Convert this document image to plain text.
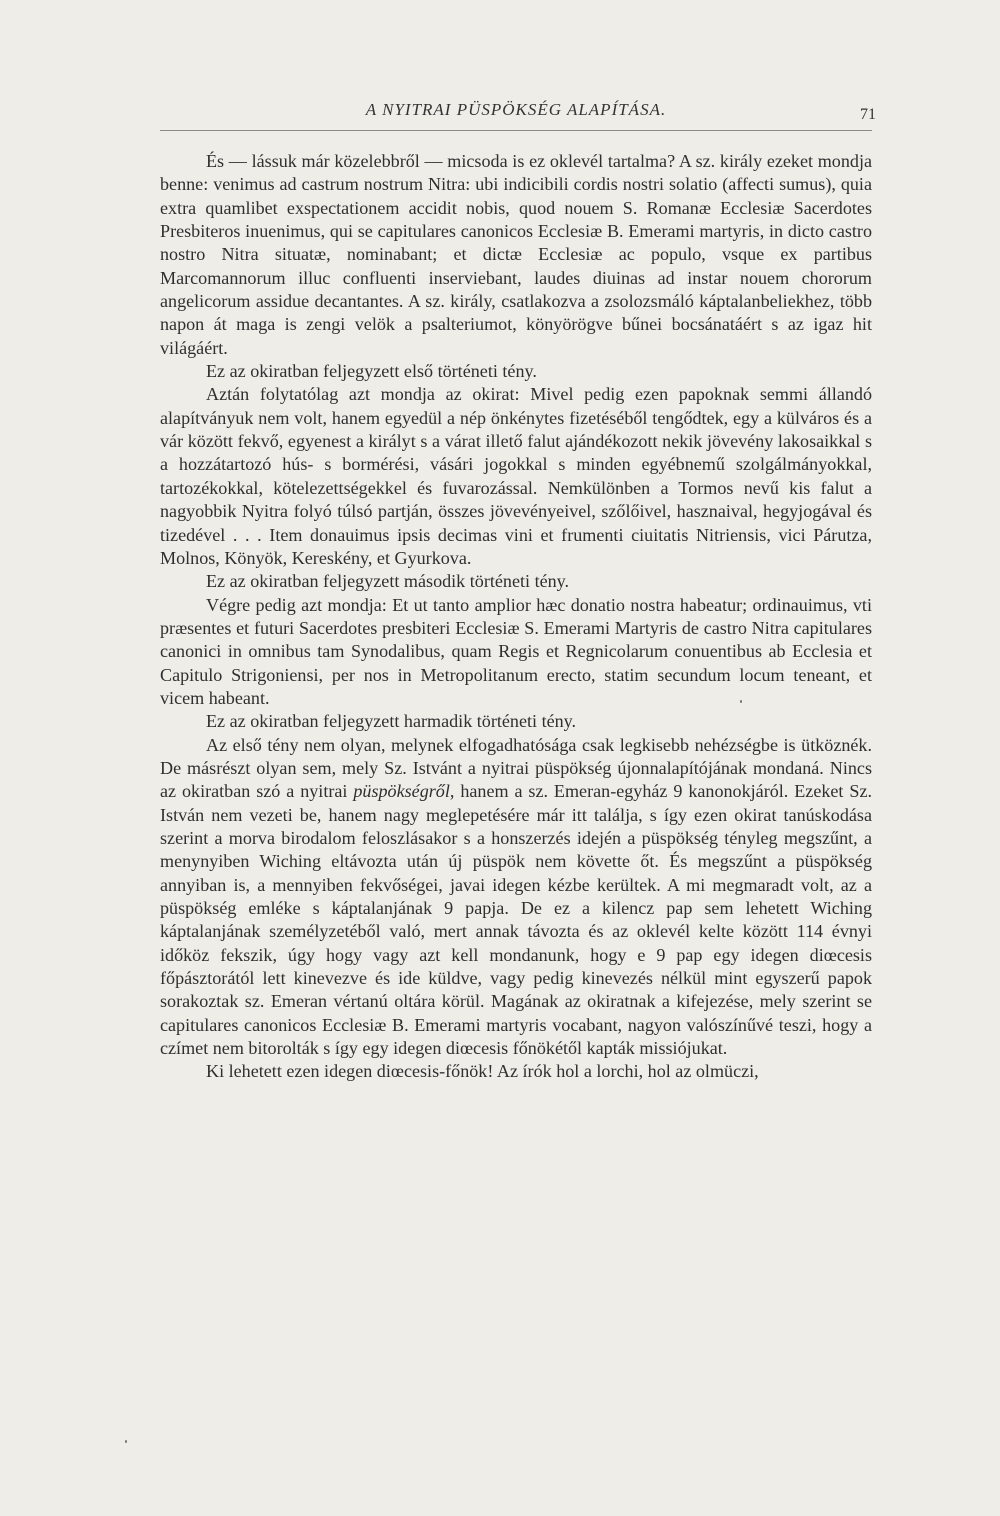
A NYITRAI PÜSPÖKSÉG ALAPÍTÁSA.	71

És — lássuk már közelebbről — micsoda is ez oklevél tartalma? A sz. király ezeket mondja benne: venimus ad castrum nostrum Nitra: ubi indicibili cordis nostri solatio (affecti sumus), quia extra quamlibet exspectationem accidit nobis, quod nouem S. Romanæ Ecclesiæ Sacerdotes Presbiteros inuenimus, qui se capitulares canonicos Ecclesiæ B. Emerami martyris, in dicto castro nostro Nitra situatæ, nominabant; et dictæ Ecclesiæ ac populo, vsque ex partibus Marcomannorum illuc confluenti inserviebant, laudes diuinas ad instar nouem chororum angelicorum assidue decantantes. A sz. király, csatlakozva a zsolozsmáló káptalanbeliekhez, több napon át maga is zengi velök a psalteriumot, könyörögve bűnei bocsánatáért s az igaz hit világáért.

Ez az okiratban feljegyzett első történeti tény.

Aztán folytatólag azt mondja az okirat: Mivel pedig ezen papoknak semmi állandó alapítványuk nem volt, hanem egyedül a nép önkénytes fizetéséből tengődtek, egy a külváros és a vár között fekvő, egyenest a királyt s a várat illető falut ajándékozott nekik jövevény lakosaikkal s a hozzátartozó hús- s bormérési, vásári jogokkal s minden egyébnemű szolgálmányokkal, tartozékokkal, kötelezettségekkel és fuvarozással. Nemkülönben a Tormos nevű kis falut a nagyobbik Nyitra folyó túlsó partján, összes jövevényeivel, szőlőivel, hasznaival, hegyjogával és tizedével . . . Item donauimus ipsis decimas vini et frumenti ciuitatis Nitriensis, vici Párutza, Molnos, Könyök, Kereskény, et Gyurkova.

Ez az okiratban feljegyzett második történeti tény.

Végre pedig azt mondja: Et ut tanto amplior hæc donatio nostra habeatur; ordinauimus, vti præsentes et futuri Sacerdotes presbiteri Ecclesiæ S. Emerami Martyris de castro Nitra capitulares canonici in omnibus tam Synodalibus, quam Regis et Regnicolarum conuentibus ab Ecclesia et Capitulo Strigoniensi, per nos in Metropolitanum erecto, statim secundum locum teneant, et vicem habeant.

Ez az okiratban feljegyzett harmadik történeti tény.

Az első tény nem olyan, melynek elfogadhatósága csak legkisebb nehézségbe is ütköznék. De másrészt olyan sem, mely Sz. Istvánt a nyitrai püspökség újonnalapítójának mondaná. Nincs az okiratban szó a nyitrai püspökségről, hanem a sz. Emeran-egyház 9 kanonokjáról. Ezeket Sz. István nem vezeti be, hanem nagy meglepetésére már itt találja, s így ezen okirat tanúskodása szerint a morva birodalom feloszlásakor s a honszerzés idején a püspökség tényleg megszűnt, a menynyiben Wiching eltávozta után új püspök nem követte őt. És megszűnt a püspökség annyiban is, a mennyiben fekvőségei, javai idegen kézbe kerültek. A mi megmaradt volt, az a püspökség emléke s káptalanjának 9 papja. De ez a kilencz pap sem lehetett Wiching káptalanjának személyzetéből való, mert annak távozta és az oklevél kelte között 114 évnyi időköz fekszik, úgy hogy vagy azt kell mondanunk, hogy e 9 pap egy idegen diœcesis főpásztorától lett kinevezve és ide küldve, vagy pedig kinevezés nélkül mint egyszerű papok sorakoztak sz. Emeran vértanú oltára körül. Magának az okiratnak a kifejezése, mely szerint se capitulares canonicos Ecclesiæ B. Emerami martyris vocabant, nagyon valószínűvé teszi, hogy a czímet nem bitorolták s így egy idegen diœcesis főnökétől kapták missiójukat.

Ki lehetett ezen idegen diœcesis-főnök! Az írók hol a lorchi, hol az olmüczi,
